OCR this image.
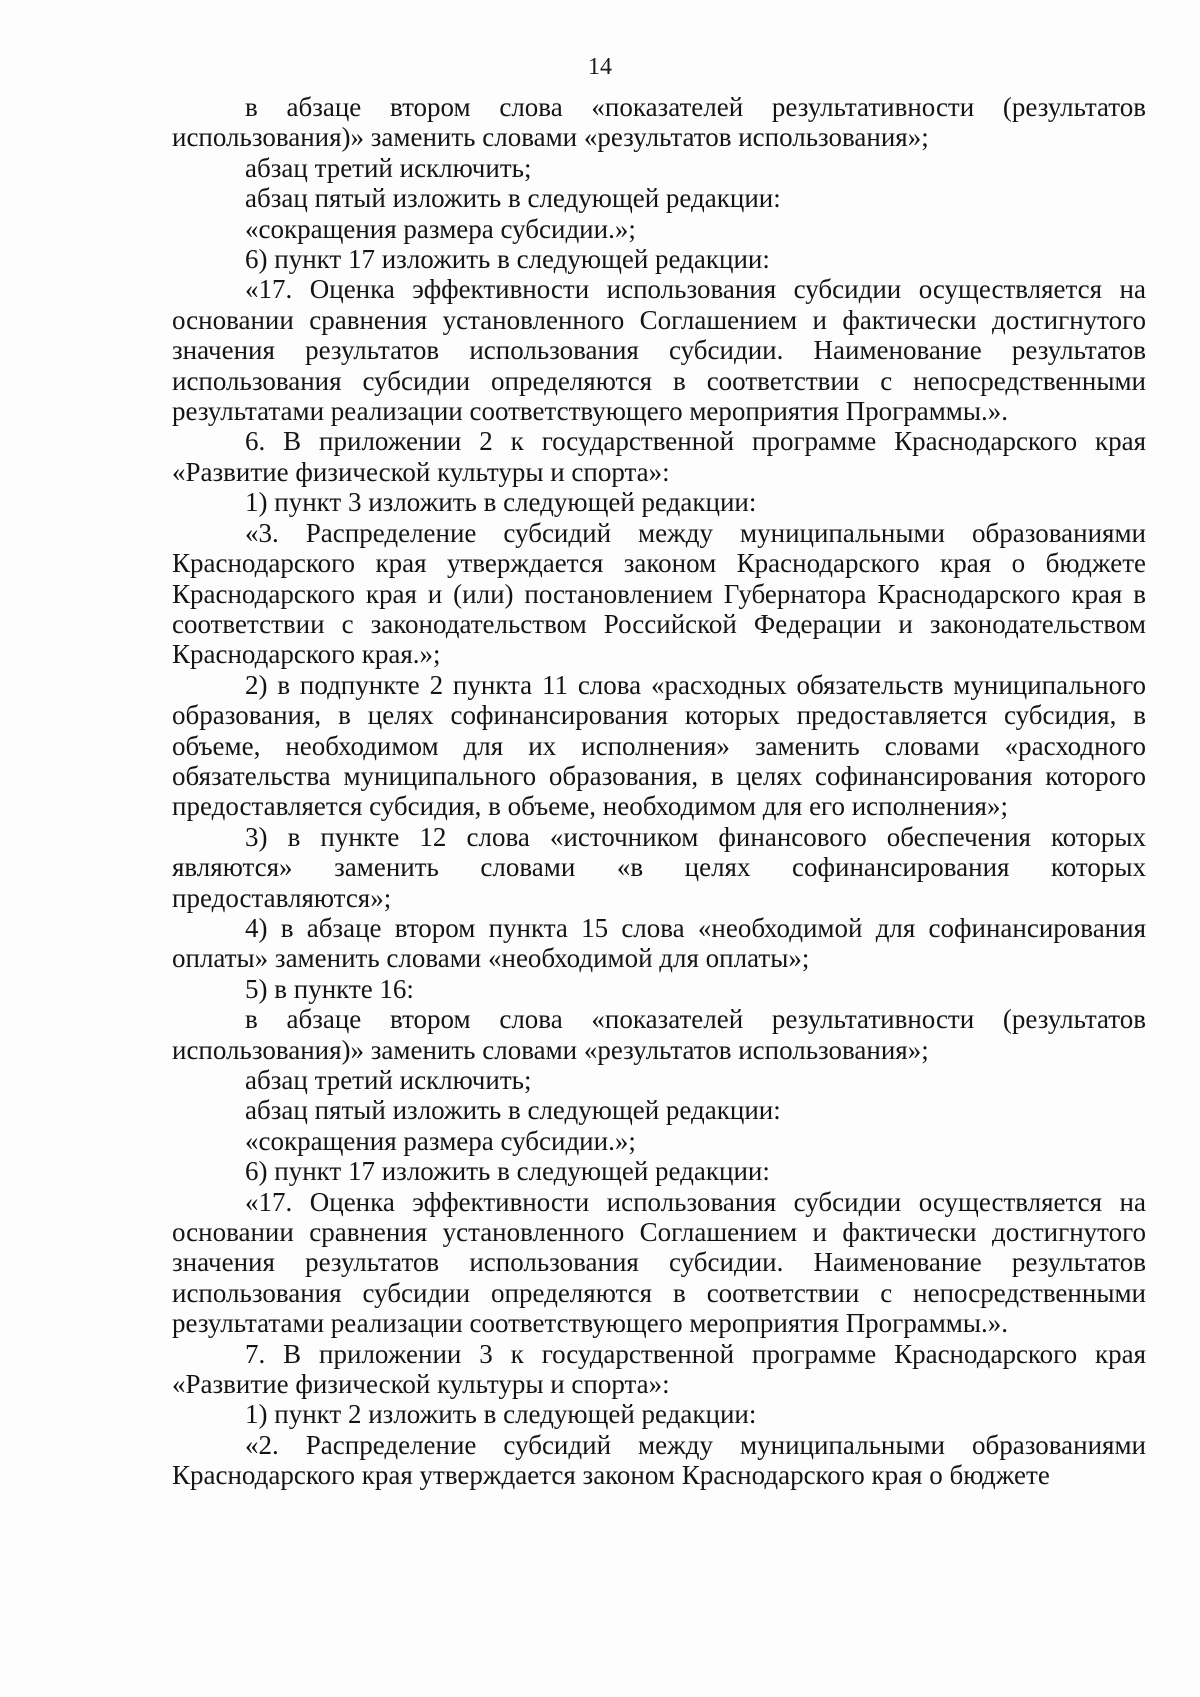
14

в абзаце втором слова «показателей результативности (результатов использования)» заменить словами «результатов использования»;

абзац третий исключить;

абзац пятый изложить в следующей редакции:

«сокращения размера субсидии.»;

6) пункт 17 изложить в следующей редакции:

«17. Оценка эффективности использования субсидии осуществляется на основании сравнения установленного Соглашением и фактически достигнутого значения результатов использования субсидии. Наименование результатов использования субсидии определяются в соответствии с непосредственными результатами реализации соответствующего мероприятия Программы.».

6. В приложении 2 к государственной программе Краснодарского края «Развитие физической культуры и спорта»:

1) пункт 3 изложить в следующей редакции:

«3. Распределение субсидий между муниципальными образованиями Краснодарского края утверждается законом Краснодарского края о бюджете Краснодарского края и (или) постановлением Губернатора Краснодарского края в соответствии с законодательством Российской Федерации и законодательством Краснодарского края.»;

2) в подпункте 2 пункта 11 слова «расходных обязательств муниципального образования, в целях софинансирования которых предоставляется субсидия, в объеме, необходимом для их исполнения» заменить словами «расходного обязательства муниципального образования, в целях софинансирования которого предоставляется субсидия, в объеме, необходимом для его исполнения»;

3) в пункте 12 слова «источником финансового обеспечения которых являются» заменить словами «в целях софинансирования которых предоставляются»;

4) в абзаце втором пункта 15 слова «необходимой для софинансирования оплаты» заменить словами «необходимой для оплаты»;

5) в пункте 16:

в абзаце втором слова «показателей результативности (результатов использования)» заменить словами «результатов использования»;

абзац третий исключить;

абзац пятый изложить в следующей редакции:

«сокращения размера субсидии.»;

6) пункт 17 изложить в следующей редакции:

«17. Оценка эффективности использования субсидии осуществляется на основании сравнения установленного Соглашением и фактически достигнутого значения результатов использования субсидии. Наименование результатов использования субсидии определяются в соответствии с непосредственными результатами реализации соответствующего мероприятия Программы.».

7. В приложении 3 к государственной программе Краснодарского края «Развитие физической культуры и спорта»:

1) пункт 2 изложить в следующей редакции:

«2. Распределение субсидий между муниципальными образованиями Краснодарского края утверждается законом Краснодарского края о бюджете
